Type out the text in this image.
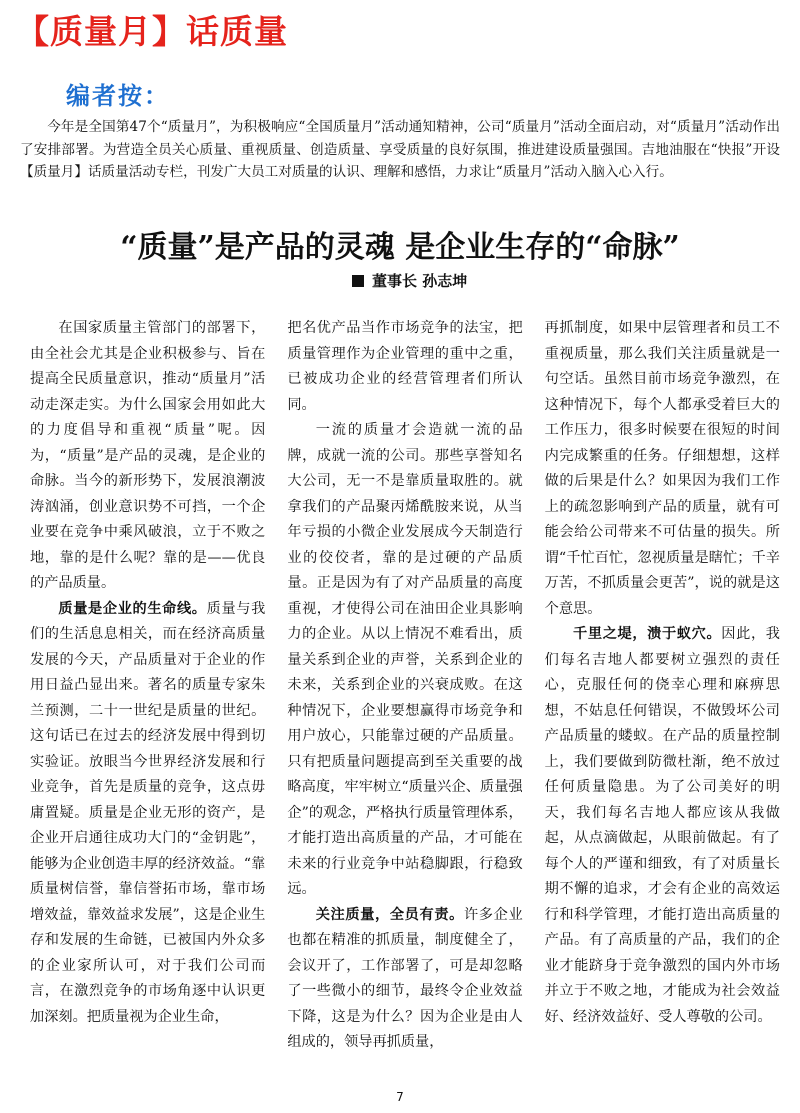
【质量月】话质量
编者按：
今年是全国第47个“质量月”，为积极响应“全国质量月”活动通知精神，公司“质量月”活动全面启动，对“质量月”活动作出了安排部署。为营造全员关心质量、重视质量、创造质量、享受质量的良好氛围，推进建设质量强国。吉地油服在“快报”开设【质量月】话质量活动专栏，刊发广大员工对质量的认识、理解和感悟，力求让“质量月”活动入脑入心入行。
“质量”是产品的灵魂 是企业生存的“命脉”
董事长 孙志坤

在国家质量主管部门的部署下，由全社会尤其是企业积极参与、旨在提高全民质量意识，推动“质量月”活动走深走实。为什么国家会用如此大的力度倡导和重视“质量”呢。因为，“质量”是产品的灵魂，是企业的命脉。当今的新形势下，发展浪潮波涛汹涌，创业意识势不可挡，一个企业要在竞争中乘风破浪，立于不败之地，靠的是什么呢？靠的是——优良的产品质量。

质量是企业的生命线。质量与我们的生活息息相关，而在经济高质量发展的今天，产品质量对于企业的作用日益凸显出来。著名的质量专家朱兰预测，二十一世纪是质量的世纪。这句话已在过去的经济发展中得到切实验证。放眼当今世界经济发展和行业竞争，首先是质量的竞争，这点毋庸置疑。质量是企业无形的资产，是企业开启通往成功大门的“金钥匙”，能够为企业创造丰厚的经济效益。“靠质量树信誉，靠信誉拓市场，靠市场增效益，靠效益求发展”，这是企业生存和发展的生命链，已被国内外众多的企业家所认可，对于我们公司而言，在激烈竞争的市场角逐中认识更加深刻。把质量视为企业生命，

把名优产品当作市场竞争的法宝，把质量管理作为企业管理的重中之重，已被成功企业的经营管理者们所认同。

一流的质量才会造就一流的品牌，成就一流的公司。那些享誉知名大公司，无一不是靠质量取胜的。就拿我们的产品聚丙烯酰胺来说，从当年亏损的小微企业发展成今天制造行业的佼佼者，靠的是过硬的产品质量。正是因为有了对产品质量的高度重视，才使得公司在油田企业具影响力的企业。从以上情况不难看出，质量关系到企业的声誉，关系到企业的未来，关系到企业的兴衰成败。在这种情况下，企业要想赢得市场竞争和用户放心，只能靠过硬的产品质量。只有把质量问题提高到至关重要的战略高度，牢牢树立“质量兴企、质量强企”的观念，严格执行质量管理体系，才能打造出高质量的产品，才可能在未来的行业竞争中站稳脚跟，行稳致远。

关注质量，全员有责。许多企业也都在精准的抓质量，制度健全了，会议开了，工作部署了，可是却忽略了一些微小的细节，最终令企业效益下降，这是为什么？因为企业是由人组成的，领导再抓质量，

再抓制度，如果中层管理者和员工不重视质量，那么我们关注质量就是一句空话。虽然目前市场竞争激烈，在这种情况下，每个人都承受着巨大的工作压力，很多时候要在很短的时间内完成繁重的任务。仔细想想，这样做的后果是什么？如果因为我们工作上的疏忽影响到产品的质量，就有可能会给公司带来不可估量的损失。所谓“千忙百忙，忽视质量是瞎忙；千辛万苦，不抓质量会更苦”，说的就是这个意思。

千里之堤，溃于蚁穴。因此，我们每名吉地人都要树立强烈的责任心，克服任何的侥幸心理和麻痹思想，不姑息任何错误，不做毁坏公司产品质量的蝼蚁。在产品的质量控制上，我们要做到防微杜渐，绝不放过任何质量隐患。为了公司美好的明天，我们每名吉地人都应该从我做起，从点滴做起，从眼前做起。有了每个人的严谨和细致，有了对质量长期不懈的追求，才会有企业的高效运行和科学管理，才能打造出高质量的产品。有了高质量的产品，我们的企业才能跻身于竞争激烈的国内外市场并立于不败之地，才能成为社会效益好、经济效益好、受人尊敬的公司。

7
